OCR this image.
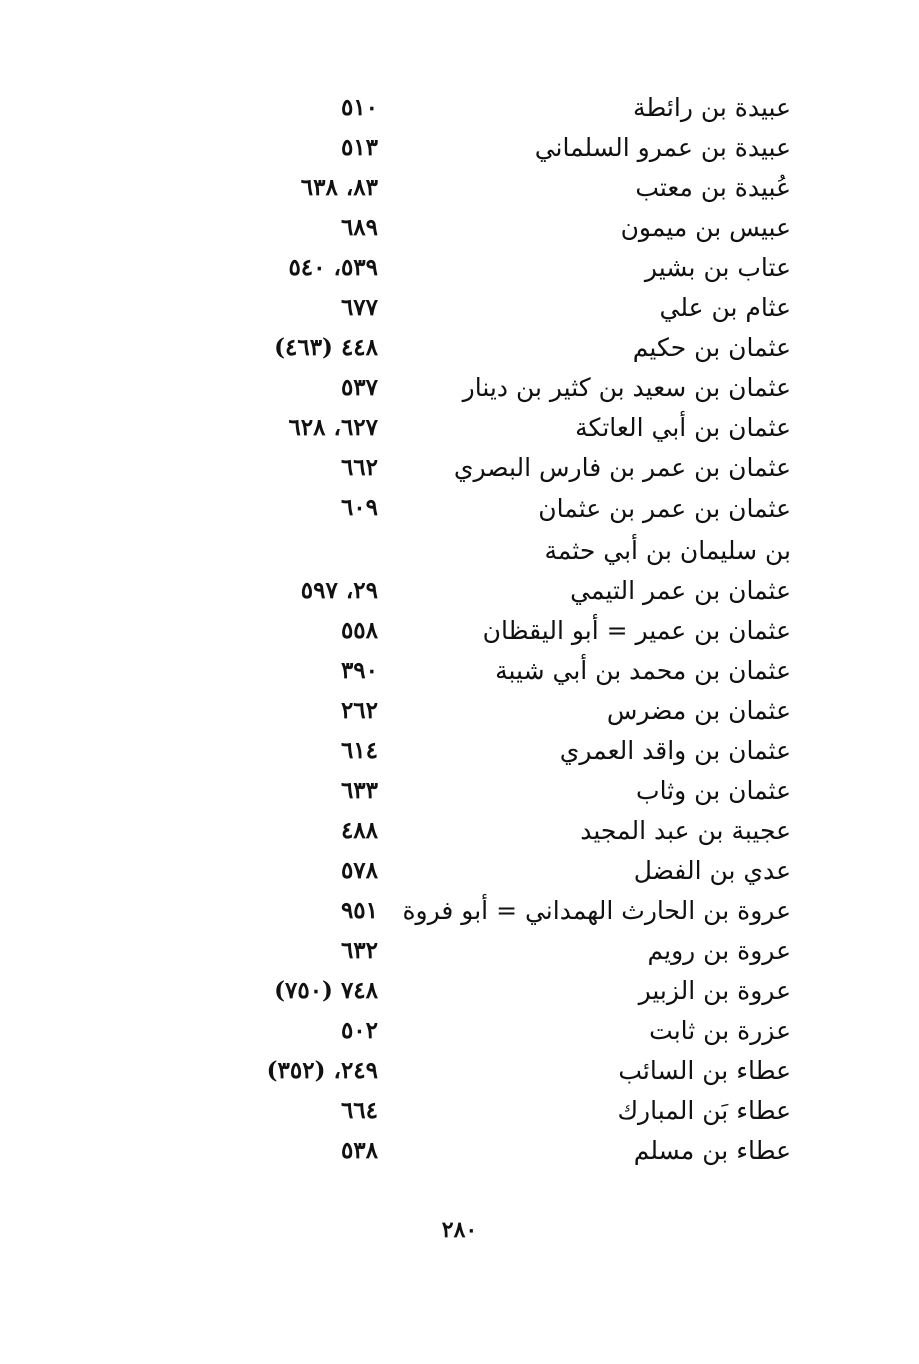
عبيدة بن رائطة
٥١٠
عبيدة بن عمرو السلماني
٥١٣
عُبيدة بن معتب
٨٣، ٦٣٨
عبيس بن ميمون
٦٨٩
عتاب بن بشير
٥٣٩، ٥٤٠
عثام بن علي
٦٧٧
عثمان بن حكيم
٤٤٨ (٤٦٣)
عثمان بن سعيد بن كثير بن دينار
٥٣٧
عثمان بن أبي العاتكة
٦٢٧، ٦٢٨
عثمان بن عمر بن فارس البصري
٦٦٢
عثمان بن عمر بن عثمان بن سليمان بن أبي حثمة
٦٠٩
عثمان بن عمر التيمي
٢٩، ٥٩٧
عثمان بن عمير = أبو اليقظان
٥٥٨
عثمان بن محمد بن أبي شيبة
٣٩٠
عثمان بن مضرس
٢٦٢
عثمان بن واقد العمري
٦١٤
عثمان بن وثاب
٦٣٣
عجيبة بن عبد المجيد
٤٨٨
عدي بن الفضل
٥٧٨
عروة بن الحارث الهمداني = أبو فروة
٩٥١
عروة بن رويم
٦٣٢
عروة بن الزبير
٧٤٨ (٧٥٠)
عزرة بن ثابت
٥٠٢
عطاء بن السائب
٢٤٩، (٣٥٢)
عطاء بَن المبارك
٦٦٤
عطاء بن مسلم
٥٣٨
٢٨٠
